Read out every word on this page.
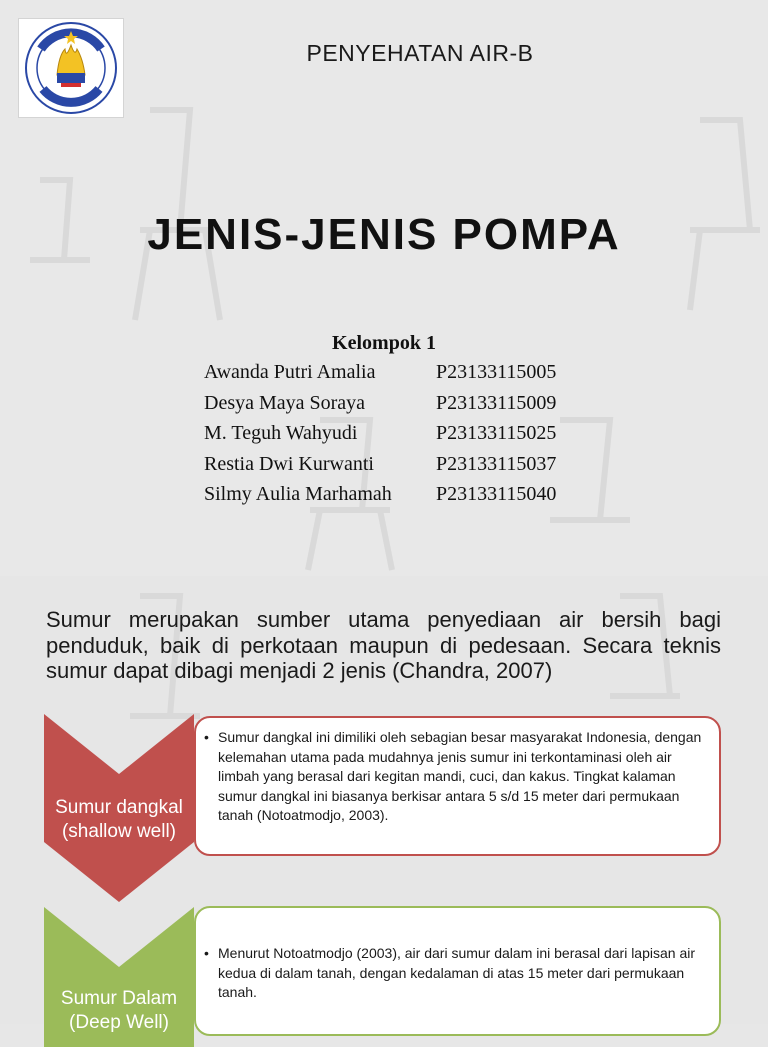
PENYEHATAN AIR-B
JENIS-JENIS POMPA
Kelompok 1
Awanda Putri Amalia	P23133115005
Desya Maya Soraya	P23133115009
M. Teguh Wahyudi	P23133115025
Restia Dwi Kurwanti	P23133115037
Silmy Aulia Marhamah	P23133115040
Sumur merupakan sumber utama penyediaan air bersih bagi penduduk, baik di perkotaan maupun di pedesaan. Secara teknis sumur dapat dibagi menjadi 2 jenis (Chandra, 2007)
Sumur dangkal (shallow well)
• Sumur dangkal ini dimiliki oleh sebagian besar masyarakat Indonesia, dengan kelemahan utama pada mudahnya jenis sumur ini terkontaminasi oleh air limbah yang berasal dari kegitan mandi, cuci, dan kakus. Tingkat kalaman sumur dangkal ini biasanya berkisar antara 5 s/d 15 meter dari permukaan tanah (Notoatmodjo, 2003).
Sumur Dalam (Deep Well)
• Menurut Notoatmodjo (2003), air dari sumur dalam ini berasal dari lapisan air kedua di dalam tanah, dengan kedalaman di atas 15 meter dari permukaan tanah.
